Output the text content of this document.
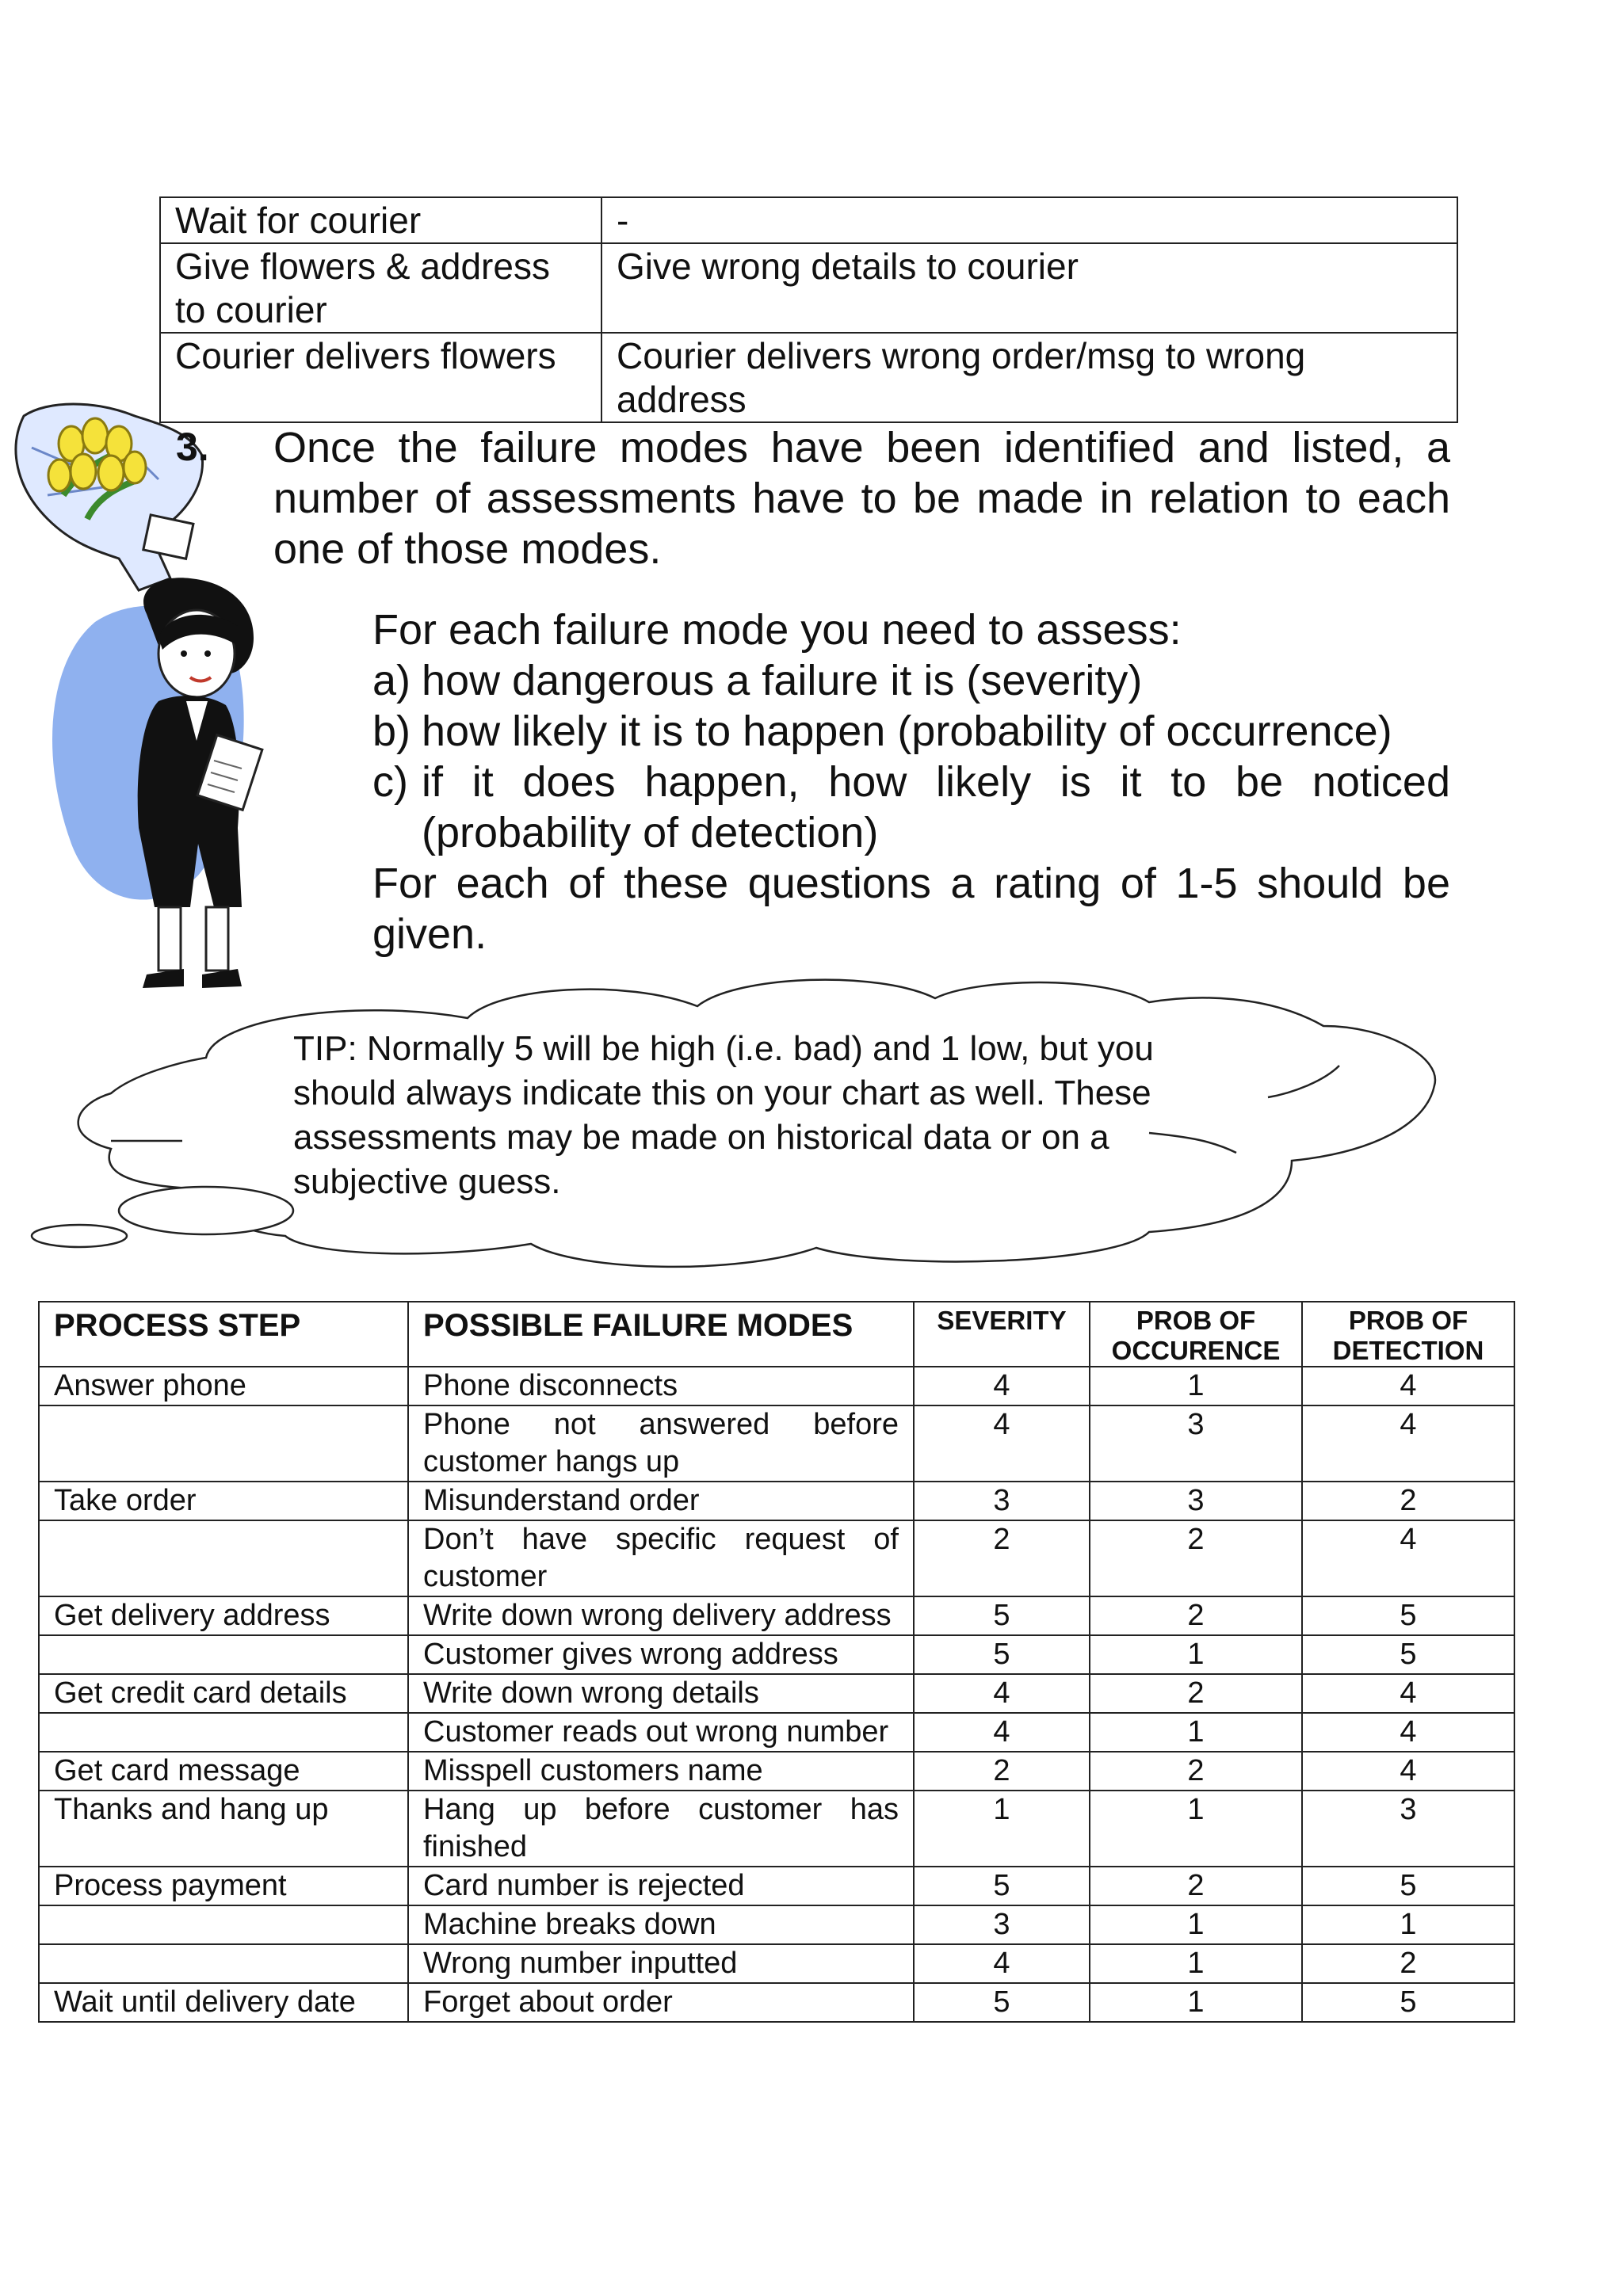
Wait for courier	-
Give flowers & address to courier	Give wrong details to courier
Courier delivers flowers	Courier delivers wrong order/msg to wrong address
3. Once the failure modes have been identified and listed, a number of assessments have to be made in relation to each one of those modes.

For each failure mode you need to assess:

a) how dangerous a failure it is (severity)
b) how likely it is to happen (probability of occurrence)
c) if it does happen, how likely is it to be noticed
(probability of detection)

For each of these questions a rating of 1-5 should be given.

TIP: Normally 5 will be high (i.e. bad) and 1 low, but you should always indicate this on your chart as well. These assessments may be made on historical data or on a subjective guess.

PROCESS STEP	POSSIBLE FAILURE MODES	SEVERITY	PROB OF OCCURENCE	PROB OF DETECTION
Answer phone	Phone disconnects	4	1	4
	Phone not answered before customer hangs up	4	3	4
Take order	Misunderstand order	3	3	2
	Don’t have specific request of customer	2	2	4
Get delivery address	Write down wrong delivery address	5	2	5
	Customer gives wrong address	5	1	5
Get credit card details	Write down wrong details	4	2	4
	Customer reads out wrong number	4	1	4
Get card message	Misspell customers name	2	2	4
Thanks and hang up	Hang up before customer has finished	1	1	3
Process payment	Card number is rejected	5	2	5
	Machine breaks down	3	1	1
	Wrong number inputted	4	1	2
Wait until delivery date	Forget about order	5	1	5
